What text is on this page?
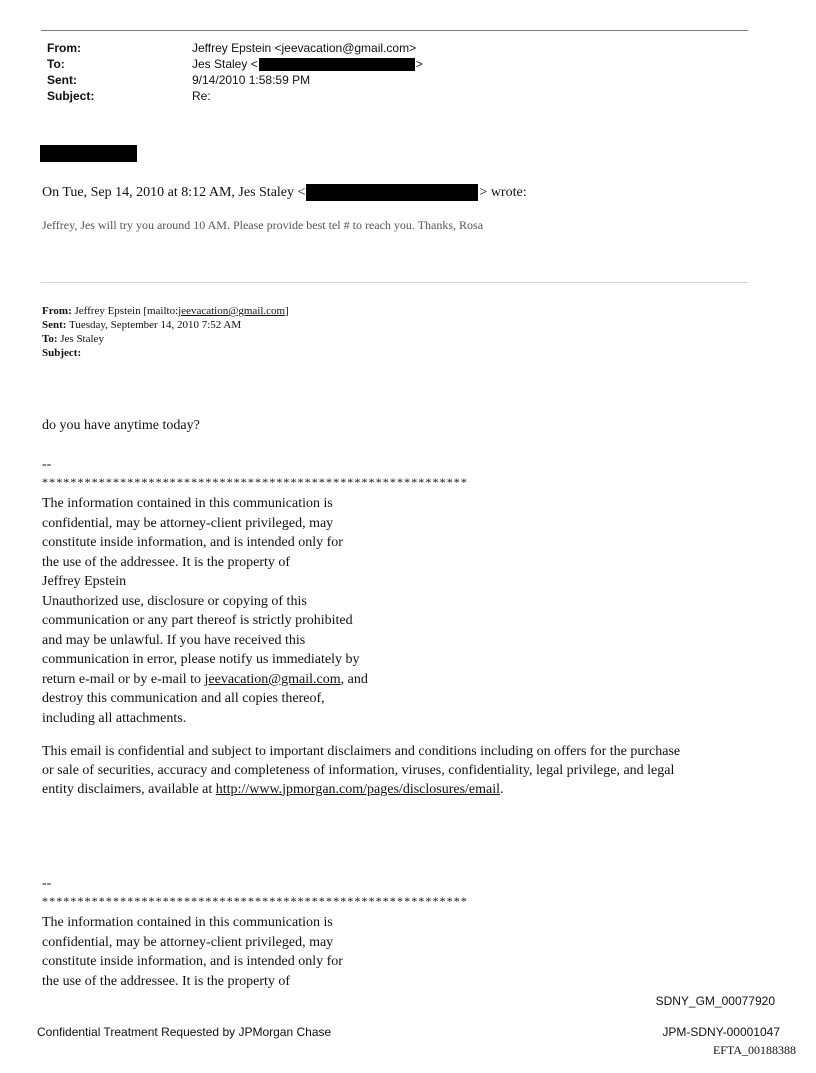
From:	Jeffrey Epstein <jeevacation@gmail.com>
To:	Jes Staley <	>
Sent:	9/14/2010 1:58:59 PM
Subject:	Re:
On Tue, Sep 14, 2010 at 8:12 AM, Jes Staley <	> wrote:
Jeffrey, Jes will try you around 10 AM. Please provide best tel # to reach you. Thanks, Rosa
From: Jeffrey Epstein [mailto:jeevacation@gmail.com]
Sent: Tuesday, September 14, 2010 7:52 AM
To: Jes Staley
Subject:
do you have anytime today?
--
************************************************************
The information contained in this communication is
confidential, may be attorney-client privileged, may
constitute inside information, and is intended only for
the use of the addressee. It is the property of
Jeffrey Epstein
Unauthorized use, disclosure or copying of this
communication or any part thereof is strictly prohibited
and may be unlawful. If you have received this
communication in error, please notify us immediately by
return e-mail or by e-mail to jeevacation@gmail.com, and
destroy this communication and all copies thereof,
including all attachments.
This email is confidential and subject to important disclaimers and conditions including on offers for the purchase
or sale of securities, accuracy and completeness of information, viruses, confidentiality, legal privilege, and legal
entity disclaimers, available at http://www.jpmorgan.com/pages/disclosures/email.
--
************************************************************
The information contained in this communication is
confidential, may be attorney-client privileged, may
constitute inside information, and is intended only for
the use of the addressee. It is the property of
SDNY_GM_00077920
Confidential Treatment Requested by JPMorgan Chase	JPM-SDNY-00001047
EFTA_00188388
